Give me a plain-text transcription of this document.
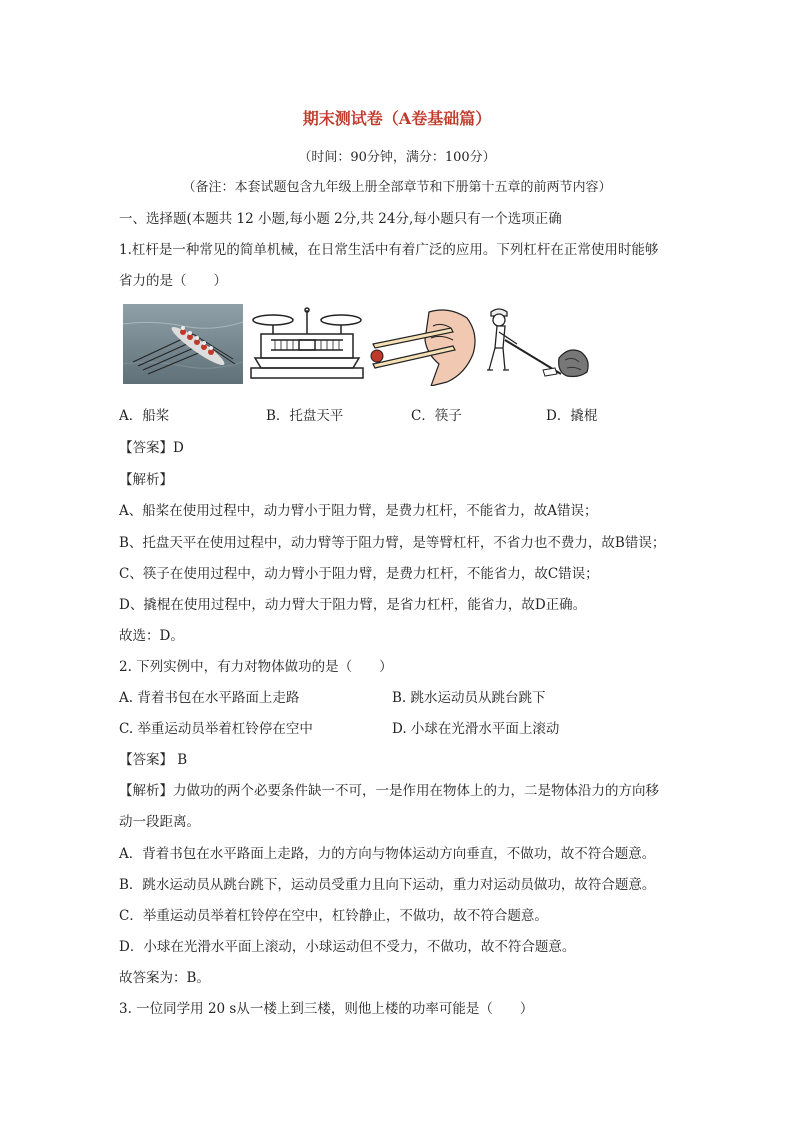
期末测试卷（A卷基础篇）
（时间：90分钟，满分：100分）
（备注：本套试题包含九年级上册全部章节和下册第十五章的前两节内容）
一、选择题(本题共 12 小题,每小题 2分,共 24分,每小题只有一个选项正确
1.杠杆是一种常见的简单机械，在日常生活中有着广泛的应用。下列杠杆在正常使用时能够
省力的是（　　）
A．船桨	B．托盘天平	C．筷子	D．撬棍
【答案】D
【解析】
A、船桨在使用过程中，动力臂小于阻力臂，是费力杠杆，不能省力，故A错误；
B、托盘天平在使用过程中，动力臂等于阻力臂，是等臂杠杆，不省力也不费力，故B错误；
C、筷子在使用过程中，动力臂小于阻力臂，是费力杠杆，不能省力，故C错误；
D、撬棍在使用过程中，动力臂大于阻力臂，是省力杠杆，能省力，故D正确。
故选：D。
2. 下列实例中，有力对物体做功的是（　　）
A. 背着书包在水平路面上走路	B. 跳水运动员从跳台跳下
C. 举重运动员举着杠铃停在空中	D. 小球在光滑水平面上滚动
【答案】 B
【解析】力做功的两个必要条件缺一不可，一是作用在物体上的力，二是物体沿力的方向移
动一段距离。
A．背着书包在水平路面上走路，力的方向与物体运动方向垂直，不做功，故不符合题意。
B．跳水运动员从跳台跳下，运动员受重力且向下运动，重力对运动员做功，故符合题意。
C．举重运动员举着杠铃停在空中，杠铃静止，不做功，故不符合题意。
D．小球在光滑水平面上滚动，小球运动但不受力，不做功，故不符合题意。
故答案为：B。
3. 一位同学用 20 s从一楼上到三楼，则他上楼的功率可能是（　　）
